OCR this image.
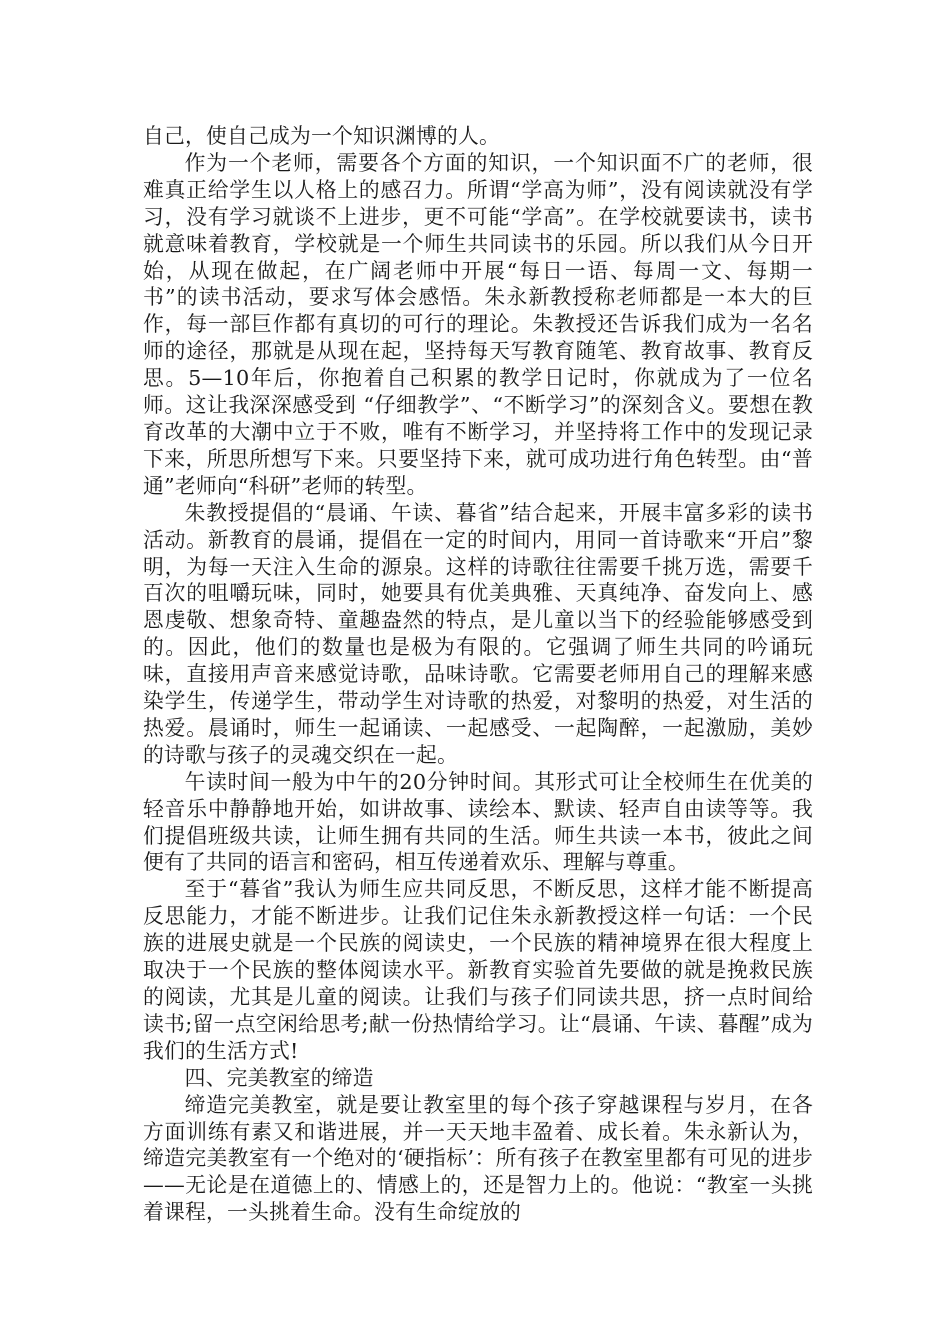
自己，使自己成为一个知识渊博的人。

作为一个老师，需要各个方面的知识，一个知识面不广的老师，很难真正给学生以人格上的感召力。所谓“学高为师”，没有阅读就没有学习，没有学习就谈不上进步，更不可能“学高”。在学校就要读书，读书就意味着教育，学校就是一个师生共同读书的乐园。所以我们从今日开始，从现在做起，在广阔老师中开展“每日一语、每周一文、每期一书”的读书活动，要求写体会感悟。朱永新教授称老师都是一本大的巨作，每一部巨作都有真切的可行的理论。朱教授还告诉我们成为一名名师的途径，那就是从现在起，坚持每天写教育随笔、教育故事、教育反思。5—10年后，你抱着自己积累的教学日记时，你就成为了一位名师。这让我深深感受到 “仔细教学”、“不断学习”的深刻含义。要想在教育改革的大潮中立于不败，唯有不断学习，并坚持将工作中的发现记录下来，所思所想写下来。只要坚持下来，就可成功进行角色转型。由“普通”老师向“科研”老师的转型。

朱教授提倡的“晨诵、午读、暮省”结合起来，开展丰富多彩的读书活动。新教育的晨诵，提倡在一定的时间内，用同一首诗歌来“开启”黎明，为每一天注入生命的源泉。这样的诗歌往往需要千挑万选，需要千百次的咀嚼玩味，同时，她要具有优美典雅、天真纯净、奋发向上、感恩虔敬、想象奇特、童趣盎然的特点，是儿童以当下的经验能够感受到的。因此，他们的数量也是极为有限的。它强调了师生共同的吟诵玩味，直接用声音来感觉诗歌，品味诗歌。它需要老师用自己的理解来感染学生，传递学生，带动学生对诗歌的热爱，对黎明的热爱，对生活的热爱。晨诵时，师生一起诵读、一起感受、一起陶醉，一起激励，美妙的诗歌与孩子的灵魂交织在一起。

午读时间一般为中午的20分钟时间。其形式可让全校师生在优美的轻音乐中静静地开始，如讲故事、读绘本、默读、轻声自由读等等。我们提倡班级共读，让师生拥有共同的生活。师生共读一本书，彼此之间便有了共同的语言和密码，相互传递着欢乐、理解与尊重。

至于“暮省”我认为师生应共同反思，不断反思，这样才能不断提高反思能力，才能不断进步。让我们记住朱永新教授这样一句话：一个民族的进展史就是一个民族的阅读史，一个民族的精神境界在很大程度上取决于一个民族的整体阅读水平。新教育实验首先要做的就是挽救民族的阅读，尤其是儿童的阅读。让我们与孩子们同读共思，挤一点时间给读书;留一点空闲给思考;献一份热情给学习。让“晨诵、午读、暮醒”成为我们的生活方式!

四、完美教室的缔造

缔造完美教室，就是要让教室里的每个孩子穿越课程与岁月，在各方面训练有素又和谐进展，并一天天地丰盈着、成长着。朱永新认为，缔造完美教室有一个绝对的‘硬指标’：所有孩子在教室里都有可见的进步——无论是在道德上的、情感上的，还是智力上的。他说：“教室一头挑着课程，一头挑着生命。没有生命绽放的
